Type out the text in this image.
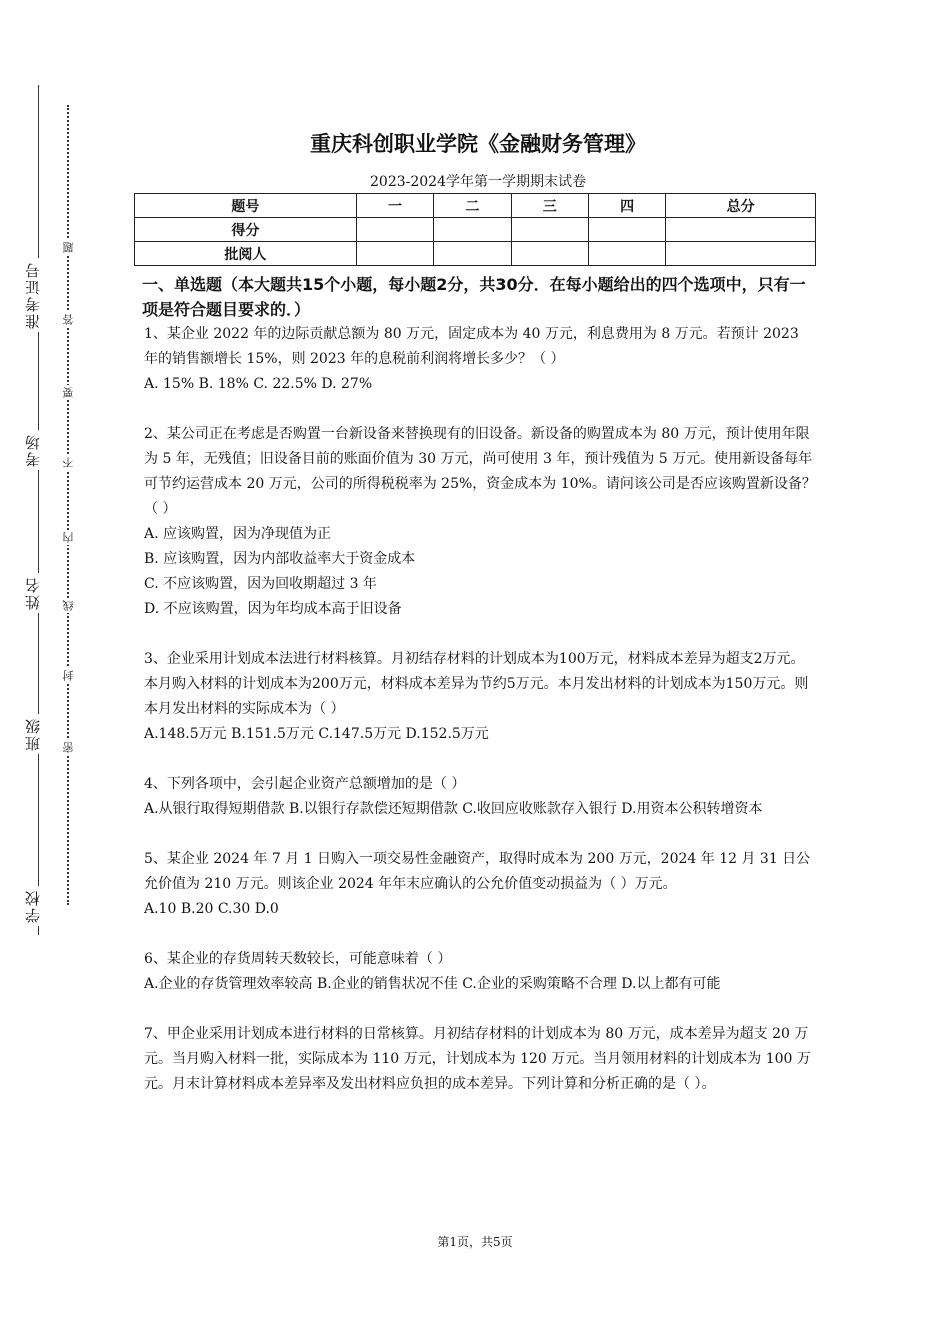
准考证号
考场
姓名
班级
学校
密
封
线
内
不
要
答
题
重庆科创职业学院《金融财务管理》
2023-2024学年第一学期期末试卷
题号	一	二	三	四	总分
得分					
批阅人					
一、单选题（本大题共15个小题，每小题2分，共30分．在每小题给出的四个选项中，只有一项是符合题目要求的．）

1、某企业 2022 年的边际贡献总额为 80 万元，固定成本为 40 万元，利息费用为 8 万元。若预计 2023 年的销售额增长 15%，则 2023 年的息税前利润将增长多少？（ ）

A. 15% B. 18% C. 22.5% D. 27%

2、某公司正在考虑是否购置一台新设备来替换现有的旧设备。新设备的购置成本为 80 万元，预计使用年限为 5 年，无残值；旧设备目前的账面价值为 30 万元，尚可使用 3 年，预计残值为 5 万元。使用新设备每年可节约运营成本 20 万元，公司的所得税税率为 25%，资金成本为 10%。请问该公司是否应该购置新设备？（ ）

A. 应该购置，因为净现值为正

B. 应该购置，因为内部收益率大于资金成本

C. 不应该购置，因为回收期超过 3 年

D. 不应该购置，因为年均成本高于旧设备

3、企业采用计划成本法进行材料核算。月初结存材料的计划成本为100万元，材料成本差异为超支2万元。本月购入材料的计划成本为200万元，材料成本差异为节约5万元。本月发出材料的计划成本为150万元。则本月发出材料的实际成本为（ ）

A.148.5万元 B.151.5万元 C.147.5万元 D.152.5万元

4、下列各项中，会引起企业资产总额增加的是（ ）

A.从银行取得短期借款 B.以银行存款偿还短期借款 C.收回应收账款存入银行 D.用资本公积转增资本

5、某企业 2024 年 7 月 1 日购入一项交易性金融资产，取得时成本为 200 万元，2024 年 12 月 31 日公允价值为 210 万元。则该企业 2024 年年末应确认的公允价值变动损益为（ ）万元。

A.10 B.20 C.30 D.0

6、某企业的存货周转天数较长，可能意味着（ ）

A.企业的存货管理效率较高 B.企业的销售状况不佳 C.企业的采购策略不合理 D.以上都有可能

7、甲企业采用计划成本进行材料的日常核算。月初结存材料的计划成本为 80 万元，成本差异为超支 20 万元。当月购入材料一批，实际成本为 110 万元，计划成本为 120 万元。当月领用材料的计划成本为 100 万元。月末计算材料成本差异率及发出材料应负担的成本差异。下列计算和分析正确的是（ ）。

第1页，共5页
